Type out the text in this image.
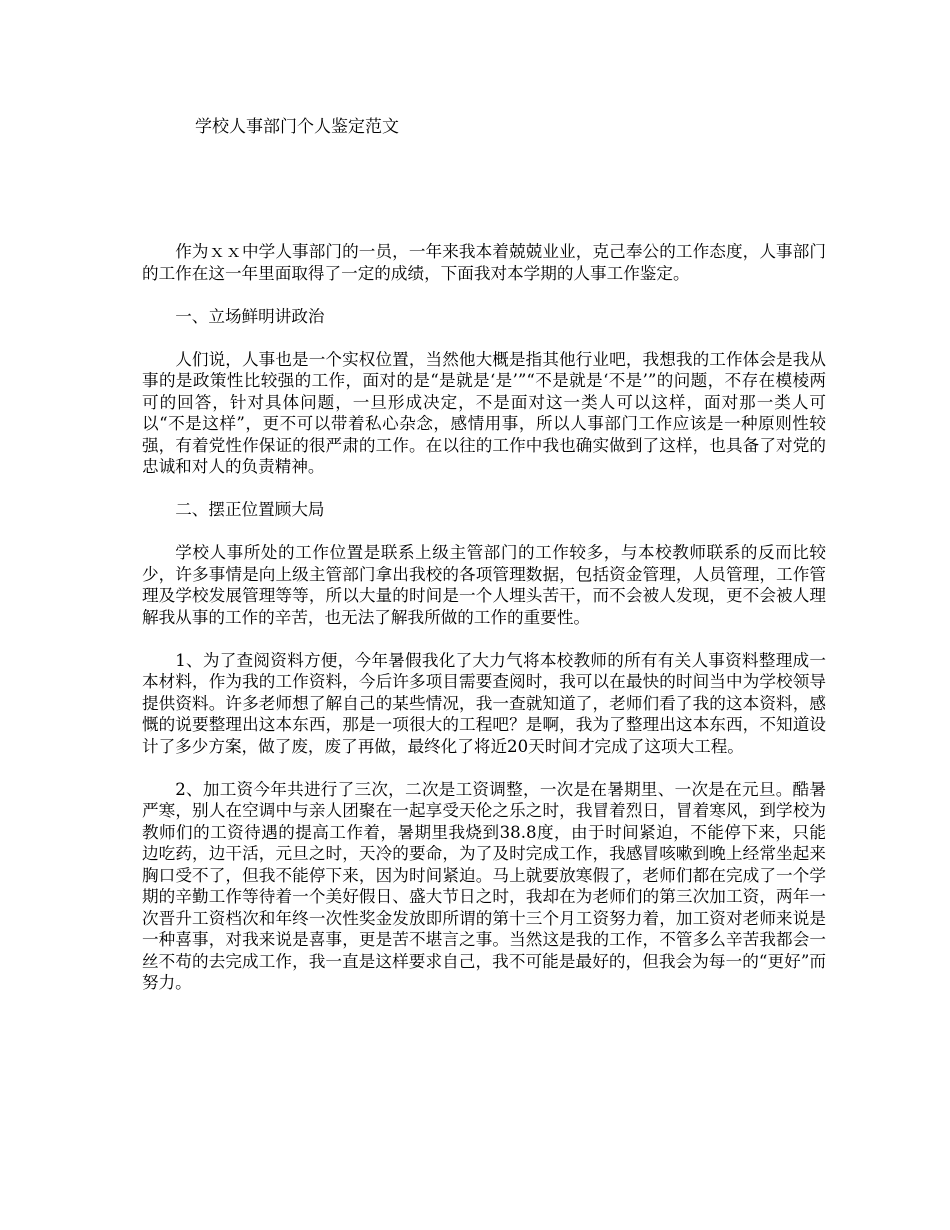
学校人事部门个人鉴定范文

作为ｘｘ中学人事部门的一员，一年来我本着兢兢业业，克己奉公的工作态度，人事部门的工作在这一年里面取得了一定的成绩，下面我对本学期的人事工作鉴定。

一、立场鲜明讲政治

人们说，人事也是一个实权位置，当然他大概是指其他行业吧，我想我的工作体会是我从事的是政策性比较强的工作，面对的是“是就是‘是’”“不是就是‘不是’”的问题，不存在模棱两可的回答，针对具体问题，一旦形成决定，不是面对这一类人可以这样，面对那一类人可以“不是这样”，更不可以带着私心杂念，感情用事，所以人事部门工作应该是一种原则性较强，有着党性作保证的很严肃的工作。在以往的工作中我也确实做到了这样，也具备了对党的忠诚和对人的负责精神。

二、摆正位置顾大局

学校人事所处的工作位置是联系上级主管部门的工作较多，与本校教师联系的反而比较少，许多事情是向上级主管部门拿出我校的各项管理数据，包括资金管理，人员管理，工作管理及学校发展管理等等，所以大量的时间是一个人埋头苦干，而不会被人发现，更不会被人理解我从事的工作的辛苦，也无法了解我所做的工作的重要性。

1、为了查阅资料方便，今年暑假我化了大力气将本校教师的所有有关人事资料整理成一本材料，作为我的工作资料，今后许多项目需要查阅时，我可以在最快的时间当中为学校领导提供资料。许多老师想了解自己的某些情况，我一查就知道了，老师们看了我的这本资料，感慨的说要整理出这本东西，那是一项很大的工程吧？是啊，我为了整理出这本东西，不知道设计了多少方案，做了废，废了再做，最终化了将近20天时间才完成了这项大工程。

2、加工资今年共进行了三次，二次是工资调整，一次是在暑期里、一次是在元旦。酷暑严寒，别人在空调中与亲人团聚在一起享受天伦之乐之时，我冒着烈日，冒着寒风，到学校为教师们的工资待遇的提高工作着，暑期里我烧到38.8度，由于时间紧迫，不能停下来，只能边吃药，边干活，元旦之时，天冷的要命，为了及时完成工作，我感冒咳嗽到晚上经常坐起来胸口受不了，但我不能停下来，因为时间紧迫。马上就要放寒假了，老师们都在完成了一个学期的辛勤工作等待着一个美好假日、盛大节日之时，我却在为老师们的第三次加工资，两年一次晋升工资档次和年终一次性奖金发放即所谓的第十三个月工资努力着，加工资对老师来说是一种喜事，对我来说是喜事，更是苦不堪言之事。当然这是我的工作，不管多么辛苦我都会一丝不苟的去完成工作，我一直是这样要求自己，我不可能是最好的，但我会为每一的“更好”而努力。
